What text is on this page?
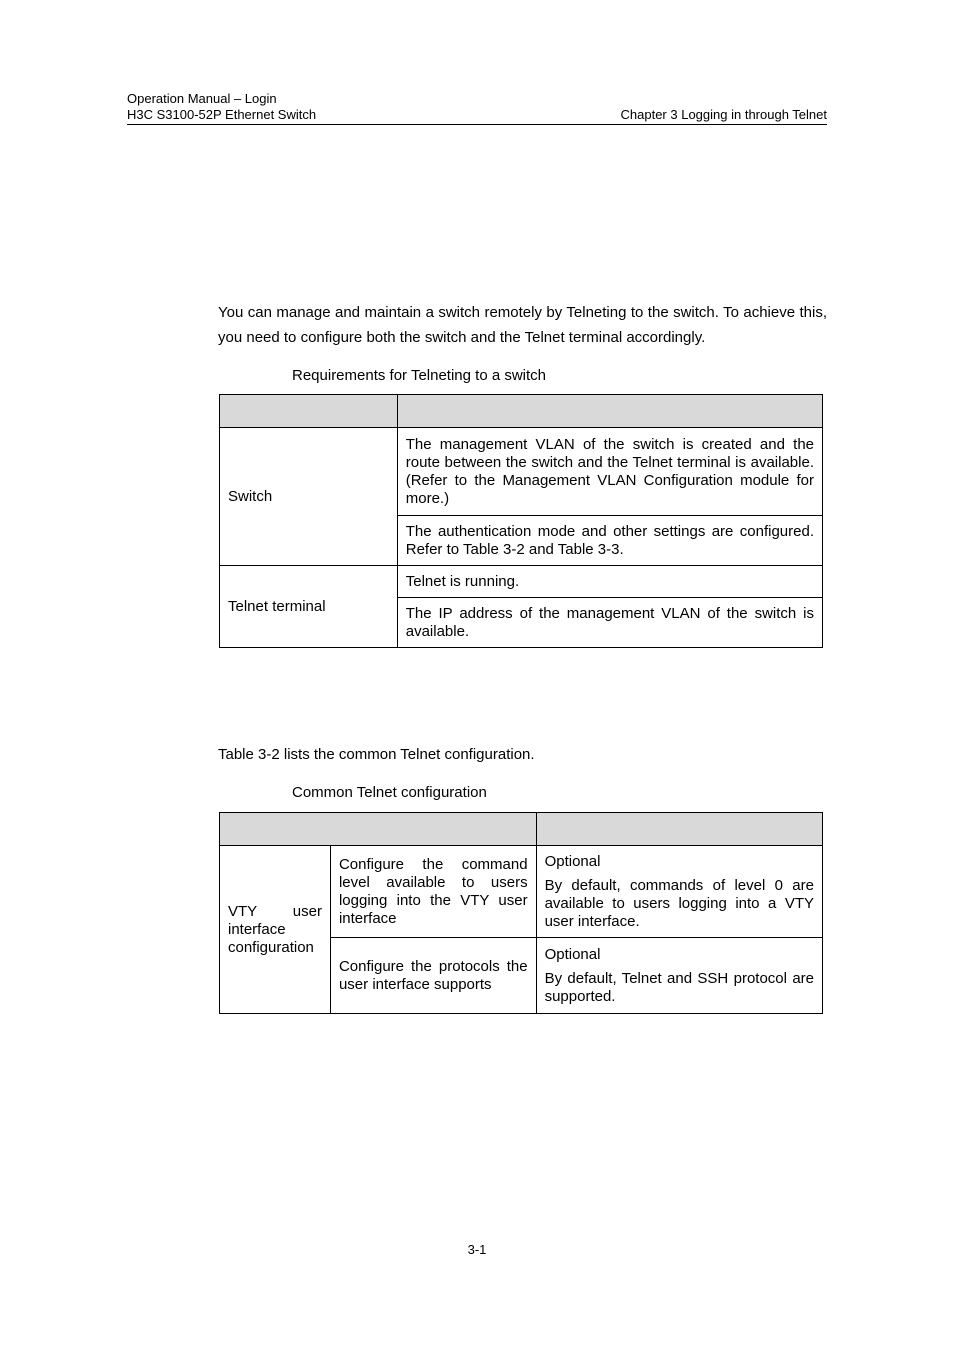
Operation Manual – Login
H3C S3100-52P Ethernet Switch	Chapter 3 Logging in through Telnet
You can manage and maintain a switch remotely by Telneting to the switch. To achieve this, you need to configure both the switch and the Telnet terminal accordingly.
Requirements for Telneting to a switch

Switch	The management VLAN of the switch is created and the route between the switch and the Telnet terminal is available. (Refer to the Management VLAN Configuration module for more.)
	The authentication mode and other settings are configured. Refer to Table 3-2 and Table 3-3.
Telnet terminal	Telnet is running.
	The IP address of the management VLAN of the switch is available.
Table 3-2 lists the common Telnet configuration.
Common Telnet configuration

VTY user interface configuration	Configure the command level available to users logging into the VTY user interface	Optional
By default, commands of level 0 are available to users logging into a VTY user interface.

	Configure the protocols the user interface supports	Optional
By default, Telnet and SSH protocol are supported.
3-1
